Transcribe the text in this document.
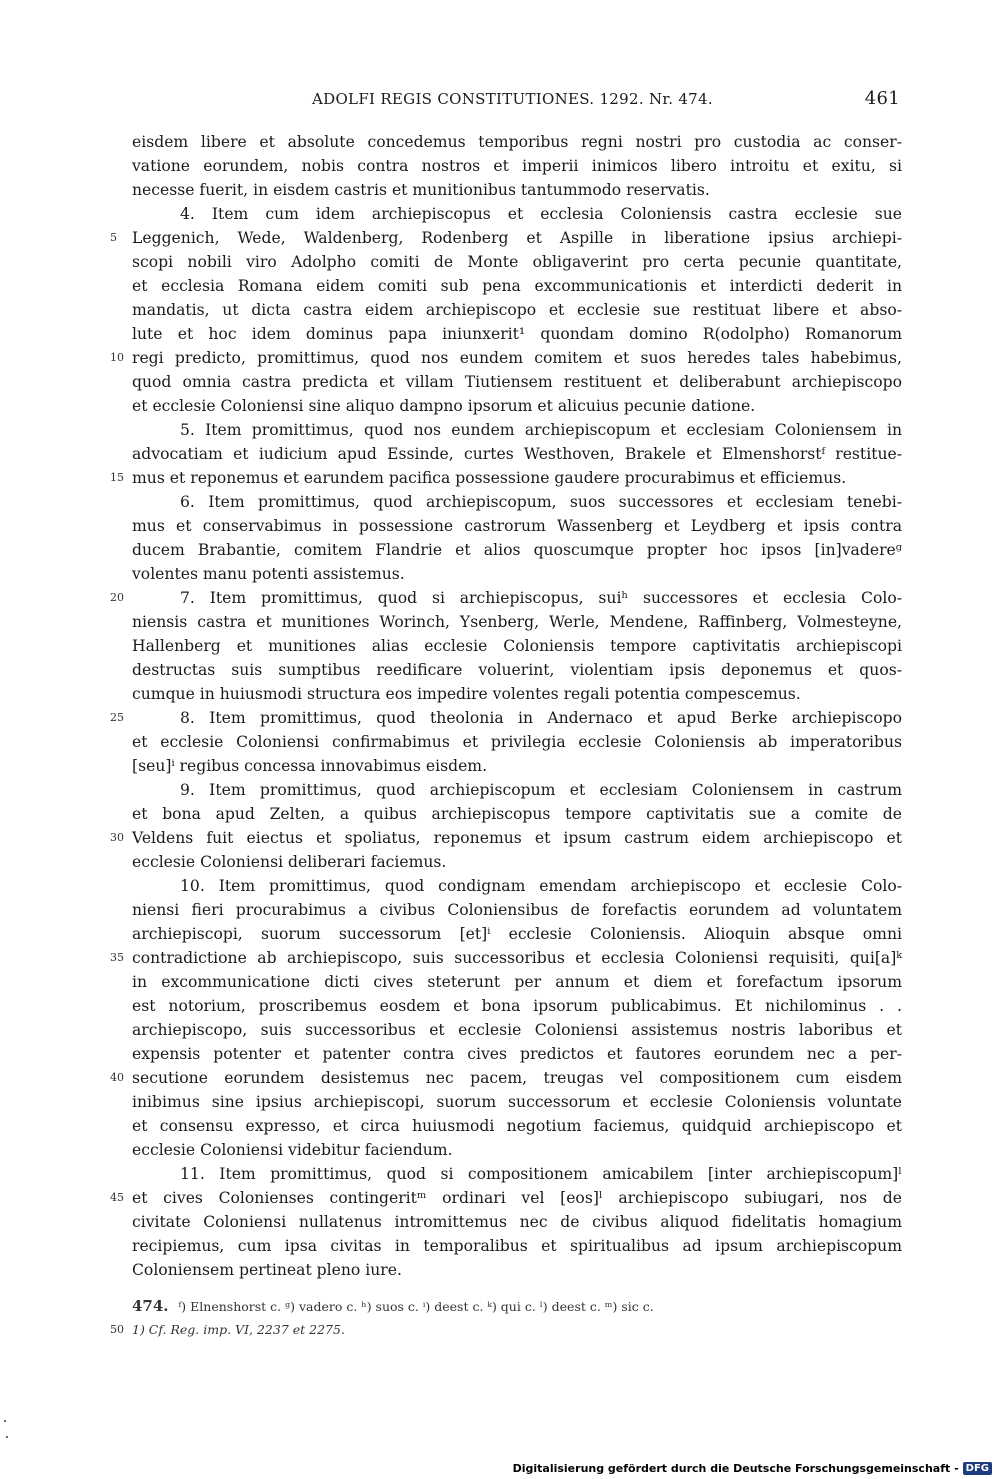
ADOLFI REGIS CONSTITUTIONES. 1292. Nr. 474.	461
eisdem libere et absolute concedemus temporibus regni nostri pro custodia ac conser-
vatione eorundem, nobis contra nostros et imperii inimicos libero introitu et exitu, si
necesse fuerit, in eisdem castris et munitionibus tantummodo reservatis.
4. Item cum idem archiepiscopus et ecclesia Coloniensis castra ecclesie sue
5 Leggenich, Wede, Waldenberg, Rodenberg et Aspille in liberatione ipsius archiepi-
scopi nobili viro Adolpho comiti de Monte obligaverint pro certa pecunie quantitate,
et ecclesia Romana eidem comiti sub pena excommunicationis et interdicti dederit in
mandatis, ut dicta castra eidem archiepiscopo et ecclesie sue restituat libere et abso-
lute et hoc idem dominus papa iniunxerit¹ quondam domino R(odolpho) Romanorum
10 regi predicto, promittimus, quod nos eundem comitem et suos heredes tales habebimus,
quod omnia castra predicta et villam Tiutiensem restituent et deliberabunt archiepiscopo
et ecclesie Coloniensi sine aliquo dampno ipsorum et alicuius pecunie datione.
5. Item promittimus, quod nos eundem archiepiscopum et ecclesiam Coloniensem in
advocatiam et iudicium apud Essinde, curtes Westhoven, Brakele et Elmenshorstᶠ restitue-
15 mus et reponemus et earundem pacifica possessione gaudere procurabimus et efficiemus.
6. Item promittimus, quod archiepiscopum, suos successores et ecclesiam tenebi-
mus et conservabimus in possessione castrorum Wassenberg et Leydberg et ipsis contra
ducem Brabantie, comitem Flandrie et alios quoscumque propter hoc ipsos [in]vadereᵍ
volentes manu potenti assistemus.
20	7. Item promittimus, quod si archiepiscopus, suiʰ successores et ecclesia Colo-
niensis castra et munitiones Worinch, Ysenberg, Werle, Mendene, Raffinberg, Volmesteyne,
Hallenberg et munitiones alias ecclesie Coloniensis tempore captivitatis archiepiscopi
destructas suis sumptibus reedificare voluerint, violentiam ipsis deponemus et quos-
cumque in huiusmodi structura eos impedire volentes regali potentia compescemus.
25	8. Item promittimus, quod theolonia in Andernaco et apud Berke archiepiscopo
et ecclesie Coloniensi confirmabimus et privilegia ecclesie Coloniensis ab imperatoribus
[seu]ⁱ regibus concessa innovabimus eisdem.
9. Item promittimus, quod archiepiscopum et ecclesiam Coloniensem in castrum
et bona apud Zelten, a quibus archiepiscopus tempore captivitatis sue a comite de
30 Veldens fuit eiectus et spoliatus, reponemus et ipsum castrum eidem archiepiscopo et
ecclesie Coloniensi deliberari faciemus.
10. Item promittimus, quod condignam emendam archiepiscopo et ecclesie Colo-
niensi fieri procurabimus a civibus Coloniensibus de forefactis eorundem ad voluntatem
archiepiscopi, suorum successorum [et]ⁱ ecclesie Coloniensis. Alioquin absque omni
35 contradictione ab archiepiscopo, suis successoribus et ecclesia Coloniensi requisiti, qui[a]ᵏ
in excommunicatione dicti cives steterunt per annum et diem et forefactum ipsorum
est notorium, proscribemus eosdem et bona ipsorum publicabimus. Et nichilominus . .
archiepiscopo, suis successoribus et ecclesie Coloniensi assistemus nostris laboribus et
expensis potenter et patenter contra cives predictos et fautores eorundem nec a per-
40 secutione eorundem desistemus nec pacem, treugas vel compositionem cum eisdem
inibimus sine ipsius archiepiscopi, suorum successorum et ecclesie Coloniensis voluntate
et consensu expresso, et circa huiusmodi negotium faciemus, quidquid archiepiscopo et
ecclesie Coloniensi videbitur faciendum.
11. Item promittimus, quod si compositionem amicabilem [inter archiepiscopum]ˡ
45 et cives Colonienses contingeritᵐ ordinari vel [eos]ˡ archiepiscopo subiugari, nos de
civitate Coloniensi nullatenus intromittemus nec de civibus aliquod fidelitatis homagium
recipiemus, cum ipsa civitas in temporalibus et spiritualibus ad ipsum archiepiscopum
Coloniensem pertineat pleno iure.
474. ᶠ) Elnenshorst c. ᵍ) vadero c. ʰ) suos c. ⁱ) deest c. ᵏ) qui c. ˡ) deest c. ᵐ) sic c.
50 1) Cf. Reg. imp. VI, 2237 et 2275.
Digitalisierung gefördert durch die Deutsche Forschungsgemeinschaft - DFG
